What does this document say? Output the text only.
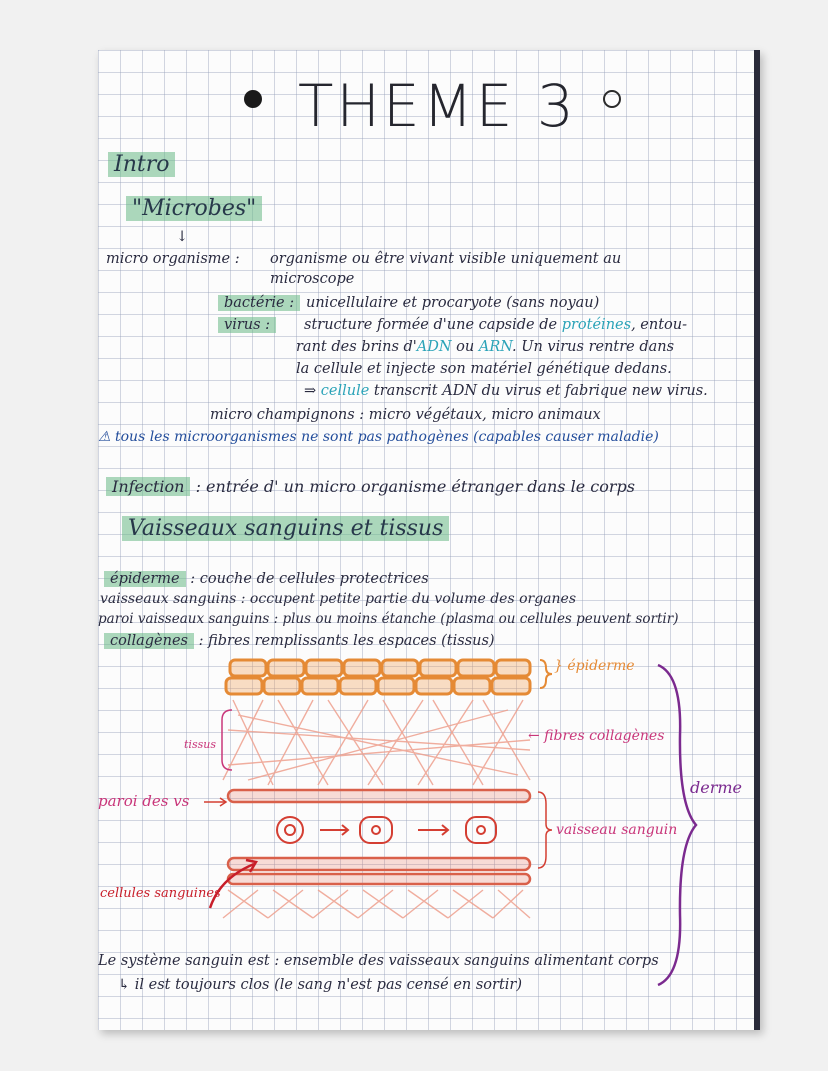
THEME 3
Intro
"Microbes"
↓
micro organisme : organisme ou être vivant visible uniquement au
microscope
bactérie : unicellulaire et procaryote (sans noyau)
virus :	structure formée d'une capside de protéines, entou-
rant des brins d'ADN ou ARN. Un virus rentre dans
la cellule et injecte son matériel génétique dedans.
⇒ cellule transcrit ADN du virus et fabrique new virus.
micro champignons : micro végétaux, micro animaux
⚠ tous les microorganismes ne sont pas pathogènes (capables causer maladie)
Infection : entrée d' un micro organisme étranger dans le corps
Vaisseaux sanguins et tissus
épiderme : couche de cellules protectrices
vaisseaux sanguins : occupent petite partie du volume des organes
paroi vaisseaux sanguins : plus ou moins étanche (plasma ou cellules peuvent sortir)
collagènes : fibres remplissants les espaces (tissus)
} épiderme
← fibres collagènes
tissus
derme
paroi des vs
vaisseau sanguin
cellules sanguines
Le système sanguin est : ensemble des vaisseaux sanguins alimentant corps
↳ il est toujours clos (le sang n'est pas censé en sortir)
